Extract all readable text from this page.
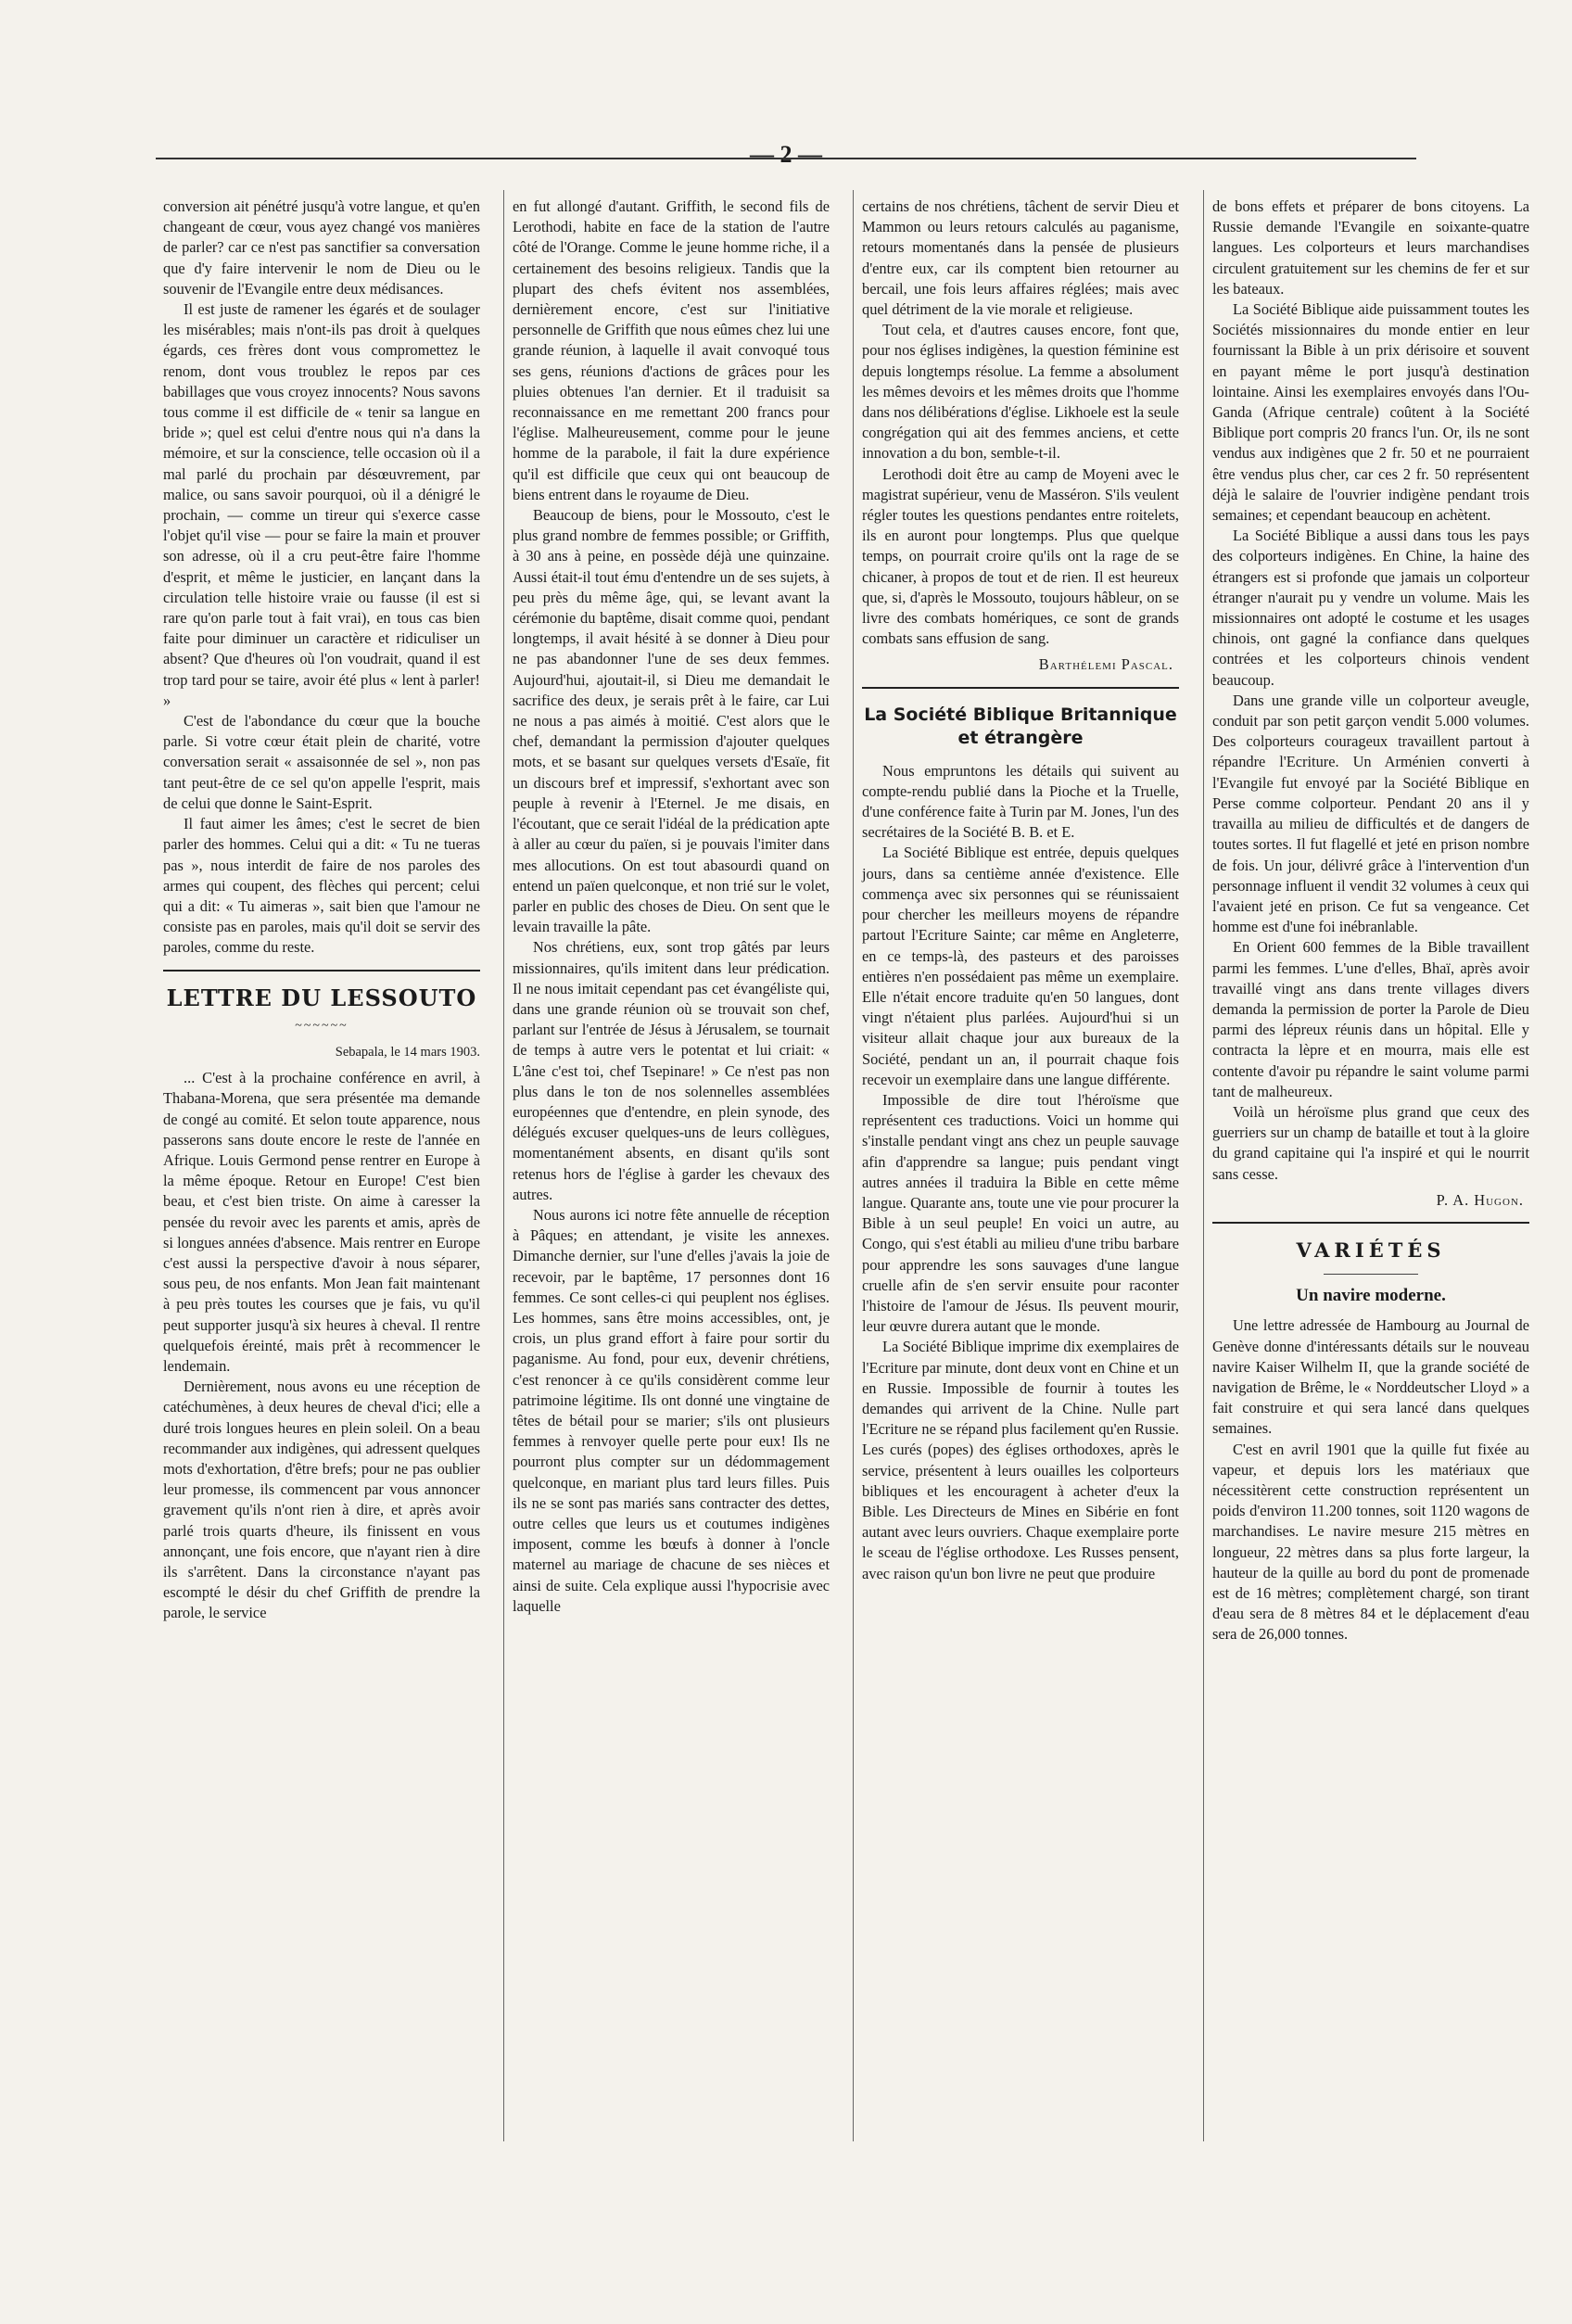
— 2 —

conversion ait pénétré jusqu'à votre langue, et qu'en changeant de cœur, vous ayez changé vos manières de parler? car ce n'est pas sanctifier sa conversation que d'y faire intervenir le nom de Dieu ou le souvenir de l'Evangile entre deux médisances.

Il est juste de ramener les égarés et de soulager les misérables; mais n'ont-ils pas droit à quelques égards, ces frères dont vous compromettez le renom, dont vous troublez le repos par ces babillages que vous croyez innocents? Nous savons tous comme il est difficile de « tenir sa langue en bride »; quel est celui d'entre nous qui n'a dans la mémoire, et sur la conscience, telle occasion où il a mal parlé du prochain par désœuvrement, par malice, ou sans savoir pourquoi, où il a dénigré le prochain, — comme un tireur qui s'exerce casse l'objet qu'il vise — pour se faire la main et prouver son adresse, où il a cru peut-être faire l'homme d'esprit, et même le justicier, en lançant dans la circulation telle histoire vraie ou fausse (il est si rare qu'on parle tout à fait vrai), en tous cas bien faite pour diminuer un caractère et ridiculiser un absent? Que d'heures où l'on voudrait, quand il est trop tard pour se taire, avoir été plus « lent à parler! »

C'est de l'abondance du cœur que la bouche parle. Si votre cœur était plein de charité, votre conversation serait « assaisonnée de sel », non pas tant peut-être de ce sel qu'on appelle l'esprit, mais de celui que donne le Saint-Esprit.

Il faut aimer les âmes; c'est le secret de bien parler des hommes. Celui qui a dit: « Tu ne tueras pas », nous interdit de faire de nos paroles des armes qui coupent, des flèches qui percent; celui qui a dit: « Tu aimeras », sait bien que l'amour ne consiste pas en paroles, mais qu'il doit se servir des paroles, comme du reste.

LETTRE DU LESSOUTO
~~~~~~
Sebapala, le 14 mars 1903.

... C'est à la prochaine conférence en avril, à Thabana-Morena, que sera présentée ma demande de congé au comité. Et selon toute apparence, nous passerons sans doute encore le reste de l'année en Afrique. Louis Germond pense rentrer en Europe à la même époque. Retour en Europe! C'est bien beau, et c'est bien triste. On aime à caresser la pensée du revoir avec les parents et amis, après de si longues années d'absence. Mais rentrer en Europe c'est aussi la perspective d'avoir à nous séparer, sous peu, de nos enfants. Mon Jean fait maintenant à peu près toutes les courses que je fais, vu qu'il peut supporter jusqu'à six heures à cheval. Il rentre quelquefois éreinté, mais prêt à recommencer le lendemain.

Dernièrement, nous avons eu une réception de catéchumènes, à deux heures de cheval d'ici; elle a duré trois longues heures en plein soleil. On a beau recommander aux indigènes, qui adressent quelques mots d'exhortation, d'être brefs; pour ne pas oublier leur promesse, ils commencent par vous annoncer gravement qu'ils n'ont rien à dire, et après avoir parlé trois quarts d'heure, ils finissent en vous annonçant, une fois encore, que n'ayant rien à dire ils s'arrêtent. Dans la circonstance n'ayant pas escompté le désir du chef Griffith de prendre la parole, le service

en fut allongé d'autant. Griffith, le second fils de Lerothodi, habite en face de la station de l'autre côté de l'Orange. Comme le jeune homme riche, il a certainement des besoins religieux. Tandis que la plupart des chefs évitent nos assemblées, dernièrement encore, c'est sur l'initiative personnelle de Griffith que nous eûmes chez lui une grande réunion, à laquelle il avait convoqué tous ses gens, réunions d'actions de grâces pour les pluies obtenues l'an dernier. Et il traduisit sa reconnaissance en me remettant 200 francs pour l'église. Malheureusement, comme pour le jeune homme de la parabole, il fait la dure expérience qu'il est difficile que ceux qui ont beaucoup de biens entrent dans le royaume de Dieu.

Beaucoup de biens, pour le Mossouto, c'est le plus grand nombre de femmes possible; or Griffith, à 30 ans à peine, en possède déjà une quinzaine. Aussi était-il tout ému d'entendre un de ses sujets, à peu près du même âge, qui, se levant avant la cérémonie du baptême, disait comme quoi, pendant longtemps, il avait hésité à se donner à Dieu pour ne pas abandonner l'une de ses deux femmes. Aujourd'hui, ajoutait-il, si Dieu me demandait le sacrifice des deux, je serais prêt à le faire, car Lui ne nous a pas aimés à moitié. C'est alors que le chef, demandant la permission d'ajouter quelques mots, et se basant sur quelques versets d'Esaïe, fit un discours bref et impressif, s'exhortant avec son peuple à revenir à l'Eternel. Je me disais, en l'écoutant, que ce serait l'idéal de la prédication apte à aller au cœur du païen, si je pouvais l'imiter dans mes allocutions. On est tout abasourdi quand on entend un païen quelconque, et non trié sur le volet, parler en public des choses de Dieu. On sent que le levain travaille la pâte.

Nos chrétiens, eux, sont trop gâtés par leurs missionnaires, qu'ils imitent dans leur prédication. Il ne nous imitait cependant pas cet évangéliste qui, dans une grande réunion où se trouvait son chef, parlant sur l'entrée de Jésus à Jérusalem, se tournait de temps à autre vers le potentat et lui criait: « L'âne c'est toi, chef Tsepinare! » Ce n'est pas non plus dans le ton de nos solennelles assemblées européennes que d'entendre, en plein synode, des délégués excuser quelques-uns de leurs collègues, momentanément absents, en disant qu'ils sont retenus hors de l'église à garder les chevaux des autres.

Nous aurons ici notre fête annuelle de réception à Pâques; en attendant, je visite les annexes. Dimanche dernier, sur l'une d'elles j'avais la joie de recevoir, par le baptême, 17 personnes dont 16 femmes. Ce sont celles-ci qui peuplent nos églises. Les hommes, sans être moins accessibles, ont, je crois, un plus grand effort à faire pour sortir du paganisme. Au fond, pour eux, devenir chrétiens, c'est renoncer à ce qu'ils considèrent comme leur patrimoine légitime. Ils ont donné une vingtaine de têtes de bétail pour se marier; s'ils ont plusieurs femmes à renvoyer quelle perte pour eux! Ils ne pourront plus compter sur un dédommagement quelconque, en mariant plus tard leurs filles. Puis ils ne se sont pas mariés sans contracter des dettes, outre celles que leurs us et coutumes indigènes imposent, comme les bœufs à donner à l'oncle maternel au mariage de chacune de ses nièces et ainsi de suite. Cela explique aussi l'hypocrisie avec laquelle

certains de nos chrétiens, tâchent de servir Dieu et Mammon ou leurs retours calculés au paganisme, retours momentanés dans la pensée de plusieurs d'entre eux, car ils comptent bien retourner au bercail, une fois leurs affaires réglées; mais avec quel détriment de la vie morale et religieuse.

Tout cela, et d'autres causes encore, font que, pour nos églises indigènes, la question féminine est depuis longtemps résolue. La femme a absolument les mêmes devoirs et les mêmes droits que l'homme dans nos délibérations d'église. Likhoele est la seule congrégation qui ait des femmes anciens, et cette innovation a du bon, semble-t-il.

Lerothodi doit être au camp de Moyeni avec le magistrat supérieur, venu de Masséron. S'ils veulent régler toutes les questions pendantes entre roitelets, ils en auront pour longtemps. Plus que quelque temps, on pourrait croire qu'ils ont la rage de se chicaner, à propos de tout et de rien. Il est heureux que, si, d'après le Mossouto, toujours hâbleur, on se livre des combats homériques, ce sont de grands combats sans effusion de sang.

Barthélemi Pascal.
La Société Biblique Britannique et étrangère

Nous empruntons les détails qui suivent au compte-rendu publié dans la Pioche et la Truelle, d'une conférence faite à Turin par M. Jones, l'un des secrétaires de la Société B. B. et E.

La Société Biblique est entrée, depuis quelques jours, dans sa centième année d'existence. Elle commença avec six personnes qui se réunissaient pour chercher les meilleurs moyens de répandre partout l'Ecriture Sainte; car même en Angleterre, en ce temps-là, des pasteurs et des paroisses entières n'en possédaient pas même un exemplaire. Elle n'était encore traduite qu'en 50 langues, dont vingt n'étaient plus parlées. Aujourd'hui si un visiteur allait chaque jour aux bureaux de la Société, pendant un an, il pourrait chaque fois recevoir un exemplaire dans une langue différente.

Impossible de dire tout l'héroïsme que représentent ces traductions. Voici un homme qui s'installe pendant vingt ans chez un peuple sauvage afin d'apprendre sa langue; puis pendant vingt autres années il traduira la Bible en cette même langue. Quarante ans, toute une vie pour procurer la Bible à un seul peuple! En voici un autre, au Congo, qui s'est établi au milieu d'une tribu barbare pour apprendre les sons sauvages d'une langue cruelle afin de s'en servir ensuite pour raconter l'histoire de l'amour de Jésus. Ils peuvent mourir, leur œuvre durera autant que le monde.

La Société Biblique imprime dix exemplaires de l'Ecriture par minute, dont deux vont en Chine et un en Russie. Impossible de fournir à toutes les demandes qui arrivent de la Chine. Nulle part l'Ecriture ne se répand plus facilement qu'en Russie. Les curés (popes) des églises orthodoxes, après le service, présentent à leurs ouailles les colporteurs bibliques et les encouragent à acheter d'eux la Bible. Les Directeurs de Mines en Sibérie en font autant avec leurs ouvriers. Chaque exemplaire porte le sceau de l'église orthodoxe. Les Russes pensent, avec raison qu'un bon livre ne peut que produire

de bons effets et préparer de bons citoyens. La Russie demande l'Evangile en soixante-quatre langues. Les colporteurs et leurs marchandises circulent gratuitement sur les chemins de fer et sur les bateaux.

La Société Biblique aide puissamment toutes les Sociétés missionnaires du monde entier en leur fournissant la Bible à un prix dérisoire et souvent en payant même le port jusqu'à destination lointaine. Ainsi les exemplaires envoyés dans l'Ou-Ganda (Afrique centrale) coûtent à la Société Biblique port compris 20 francs l'un. Or, ils ne sont vendus aux indigènes que 2 fr. 50 et ne pourraient être vendus plus cher, car ces 2 fr. 50 représentent déjà le salaire de l'ouvrier indigène pendant trois semaines; et cependant beaucoup en achètent.

La Société Biblique a aussi dans tous les pays des colporteurs indigènes. En Chine, la haine des étrangers est si profonde que jamais un colporteur étranger n'aurait pu y vendre un volume. Mais les missionnaires ont adopté le costume et les usages chinois, ont gagné la confiance dans quelques contrées et les colporteurs chinois vendent beaucoup.

Dans une grande ville un colporteur aveugle, conduit par son petit garçon vendit 5.000 volumes. Des colporteurs courageux travaillent partout à répandre l'Ecriture. Un Arménien converti à l'Evangile fut envoyé par la Société Biblique en Perse comme colporteur. Pendant 20 ans il y travailla au milieu de difficultés et de dangers de toutes sortes. Il fut flagellé et jeté en prison nombre de fois. Un jour, délivré grâce à l'intervention d'un personnage influent il vendit 32 volumes à ceux qui l'avaient jeté en prison. Ce fut sa vengeance. Cet homme est d'une foi inébranlable.

En Orient 600 femmes de la Bible travaillent parmi les femmes. L'une d'elles, Bhaï, après avoir travaillé vingt ans dans trente villages divers demanda la permission de porter la Parole de Dieu parmi des lépreux réunis dans un hôpital. Elle y contracta la lèpre et en mourra, mais elle est contente d'avoir pu répandre le saint volume parmi tant de malheureux.

Voilà un héroïsme plus grand que ceux des guerriers sur un champ de bataille et tout à la gloire du grand capitaine qui l'a inspiré et qui le nourrit sans cesse.

P. A. Hugon.
VARIÉTÉS
Un navire moderne.

Une lettre adressée de Hambourg au Journal de Genève donne d'intéressants détails sur le nouveau navire Kaiser Wilhelm II, que la grande société de navigation de Brême, le « Norddeutscher Lloyd » a fait construire et qui sera lancé dans quelques semaines.

C'est en avril 1901 que la quille fut fixée au vapeur, et depuis lors les matériaux que nécessitèrent cette construction représentent un poids d'environ 11.200 tonnes, soit 1120 wagons de marchandises. Le navire mesure 215 mètres en longueur, 22 mètres dans sa plus forte largeur, la hauteur de la quille au bord du pont de promenade est de 16 mètres; complètement chargé, son tirant d'eau sera de 8 mètres 84 et le déplacement d'eau sera de 26,000 tonnes.
